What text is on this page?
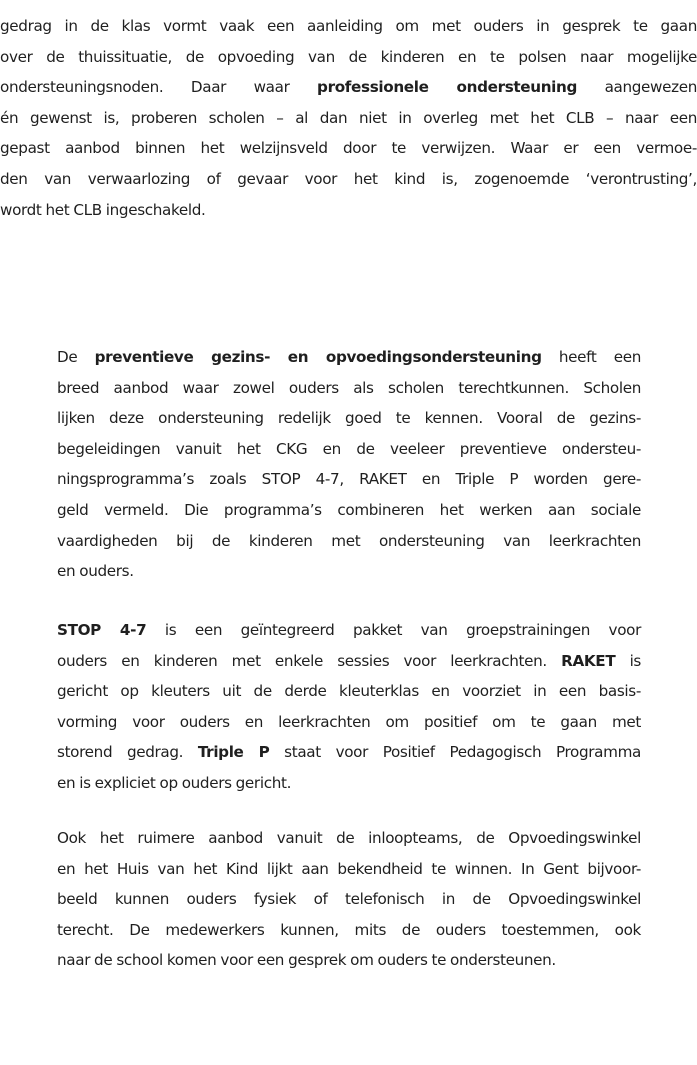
gedrag in de klas vormt vaak een aanleiding om met ouders in gesprek te gaan
over de thuissituatie, de opvoeding van de kinderen en te polsen naar mogelijke
ondersteuningsnoden. Daar waar professionele ondersteuning aangewezen
én gewenst is, proberen scholen – al dan niet in overleg met het CLB – naar een
gepast aanbod binnen het welzijnsveld door te verwijzen. Waar er een vermoe-
den van verwaarlozing of gevaar voor het kind is, zogenoemde ‘verontrusting’,
wordt het CLB ingeschakeld.

De preventieve gezins- en opvoedingsondersteuning heeft een
breed aanbod waar zowel ouders als scholen terechtkunnen. Scholen
lijken deze ondersteuning redelijk goed te kennen. Vooral de gezins-
begeleidingen vanuit het CKG en de veeleer preventieve ondersteu-
ningsprogramma’s zoals STOP 4-7, RAKET en Triple P worden gere-
geld vermeld. Die programma’s combineren het werken aan sociale
vaardigheden bij de kinderen met ondersteuning van leerkrachten
en ouders.

STOP 4-7 is een geïntegreerd pakket van groepstrainingen voor
ouders en kinderen met enkele sessies voor leerkrachten. RAKET is
gericht op kleuters uit de derde kleuterklas en voorziet in een basis-
vorming voor ouders en leerkrachten om positief om te gaan met
storend gedrag. Triple P staat voor Positief Pedagogisch Programma
en is expliciet op ouders gericht.

Ook het ruimere aanbod vanuit de inloopteams, de Opvoedingswinkel
en het Huis van het Kind lijkt aan bekendheid te winnen. In Gent bijvoor-
beeld kunnen ouders fysiek of telefonisch in de Opvoedingswinkel
terecht. De medewerkers kunnen, mits de ouders toestemmen, ook
naar de school komen voor een gesprek om ouders te ondersteunen.
